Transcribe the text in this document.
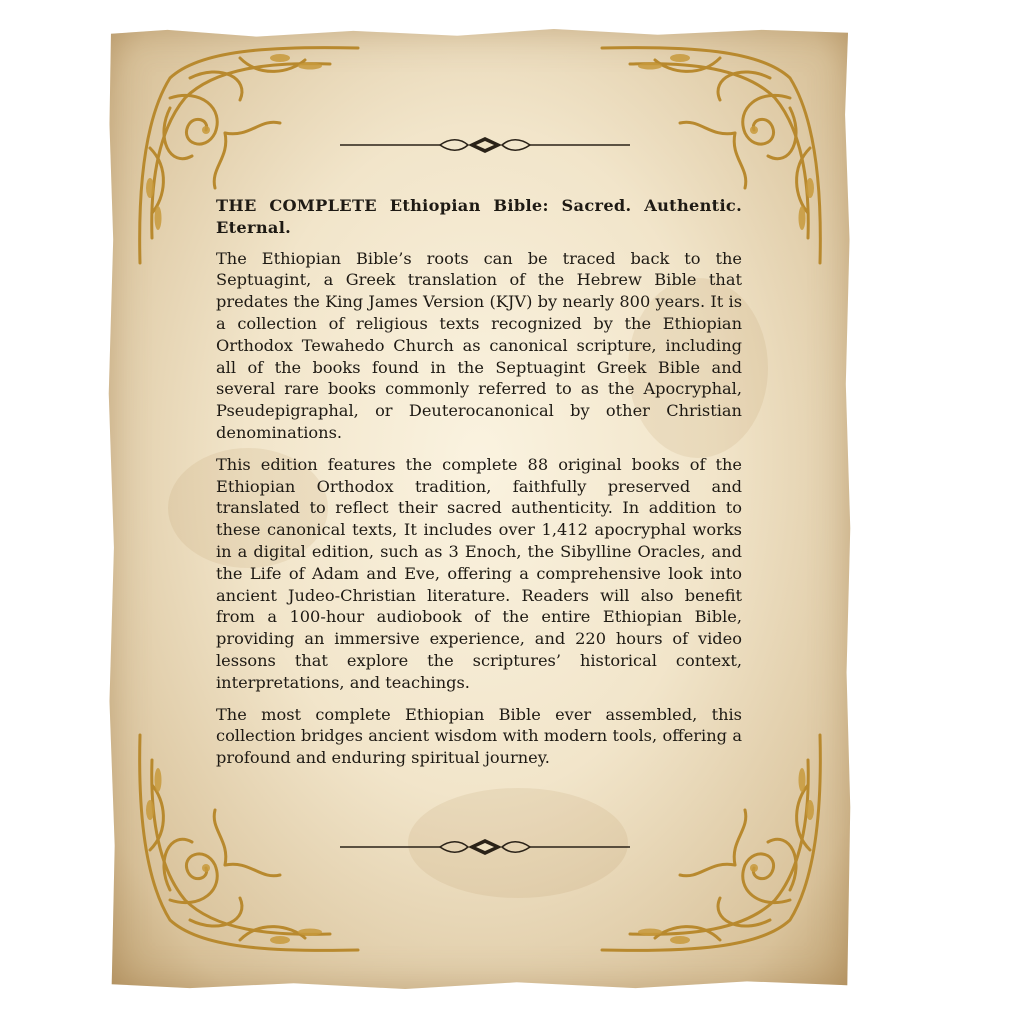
THE COMPLETE Ethiopian Bible: Sacred. Authentic. Eternal.

The Ethiopian Bible’s roots can be traced back to the Septuagint, a Greek translation of the Hebrew Bible that predates the King James Version (KJV) by nearly 800 years. It is a collection of religious texts recognized by the Ethiopian Orthodox Tewahedo Church as canonical scripture, including all of the books found in the Septuagint Greek Bible and several rare books commonly referred to as the Apocryphal, Pseudepigraphal, or Deuterocanonical by other Christian denominations.

This edition features the complete 88 original books of the Ethiopian Orthodox tradition, faithfully preserved and translated to reflect their sacred authenticity. In addition to these canonical texts, It includes over 1,412 apocryphal works in a digital edition, such as 3 Enoch, the Sibylline Oracles, and the Life of Adam and Eve, offering a comprehensive look into ancient Judeo-Christian literature. Readers will also benefit from a 100-hour audiobook of the entire Ethiopian Bible, providing an immersive experience, and 220 hours of video lessons that explore the scriptures’ historical context, interpretations, and teachings.

The most complete Ethiopian Bible ever assembled, this collection bridges ancient wisdom with modern tools, offering a profound and enduring spiritual journey.
